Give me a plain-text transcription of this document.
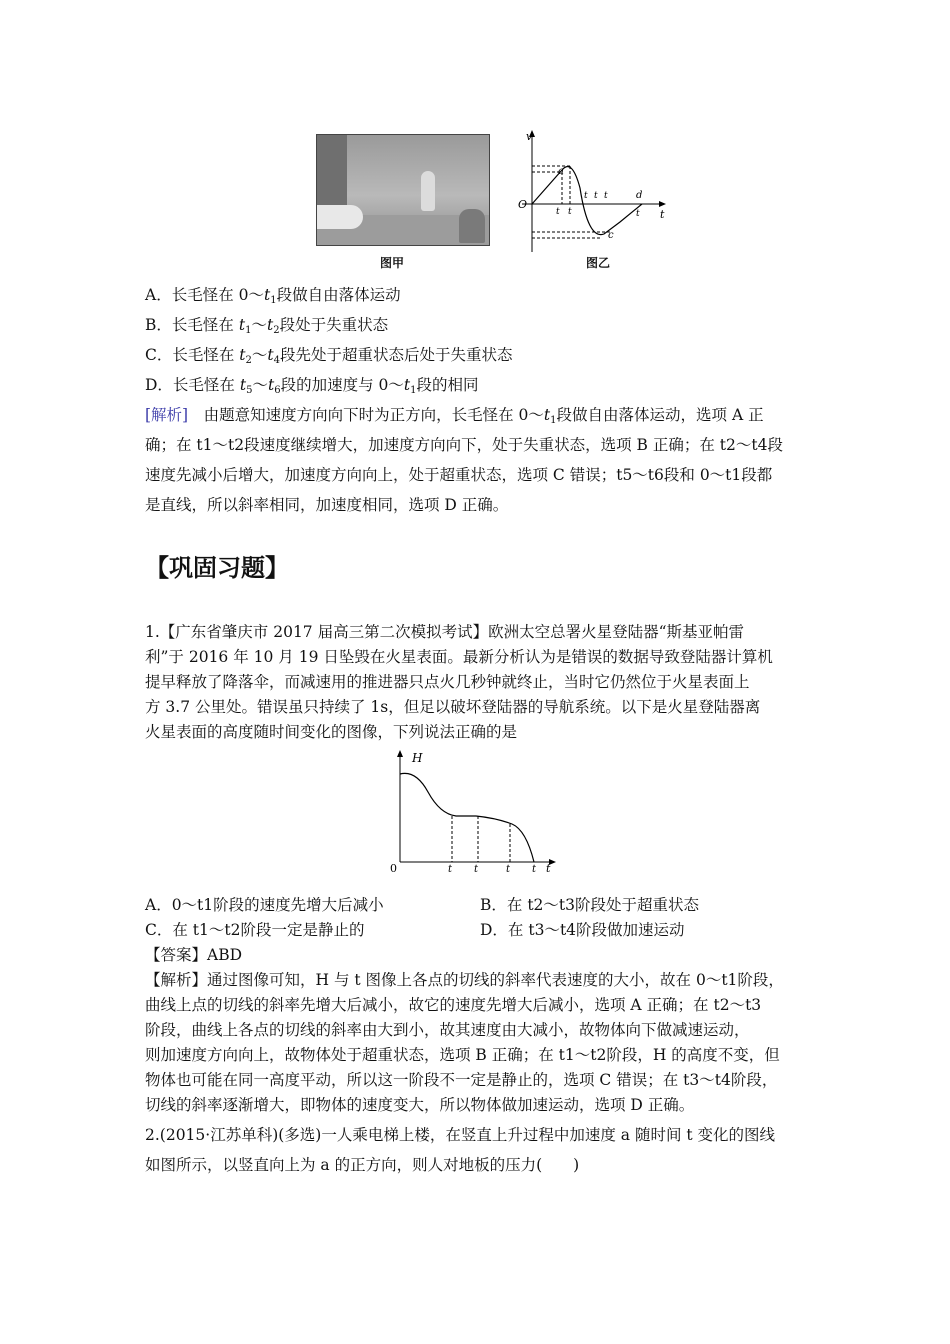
图甲
v
t
O
a
c
d
t t
t t t
t
图乙
A．长毛怪在 $0\sim t_1$段做自由落体运动
B．长毛怪在 $t_1\sim t_2$段处于失重状态
C．长毛怪在 $t_2\sim t_4$段先处于超重状态后处于失重状态
D．长毛怪在 $t_5\sim t_6$段的加速度与 $0\sim t_1$段的相同
[解析]　由题意知速度方向向下时为正方向，长毛怪在 $0\sim t_1$段做自由落体运动，选项 A 正
确；在 t1～t2段速度继续增大，加速度方向向下，处于失重状态，选项 B 正确；在 t2～t4段
速度先减小后增大，加速度方向向上，处于超重状态，选项 C 错误；t5～t6段和 0～t1段都
是直线，所以斜率相同，加速度相同，选项 D 正确。
【巩固习题】
1.【广东省肇庆市 2017 届高三第二次模拟考试】欧洲太空总署火星登陆器“斯基亚帕雷
利”于 2016 年 10 月 19 日坠毁在火星表面。最新分析认为是错误的数据导致登陆器计算机
提早释放了降落伞，而减速用的推进器只点火几秒钟就终止，当时它仍然位于火星表面上
方 3.7 公里处。错误虽只持续了 1s，但足以破坏登陆器的导航系统。以下是火星登陆器离
火星表面的高度随时间变化的图像，下列说法正确的是
H
0	t
t t	t t
A．0～t1阶段的速度先增大后减小	B．在 t2～t3阶段处于超重状态
C．在 t1～t2阶段一定是静止的	D．在 t3～t4阶段做加速运动
【答案】ABD
【解析】通过图像可知，H 与 t 图像上各点的切线的斜率代表速度的大小，故在 0～t1阶段，
曲线上点的切线的斜率先增大后减小，故它的速度先增大后减小，选项 A 正确；在 t2～t3
阶段，曲线上各点的切线的斜率由大到小，故其速度由大减小，故物体向下做减速运动，
则加速度方向向上，故物体处于超重状态，选项 B 正确；在 t1～t2阶段，H 的高度不变，但
物体也可能在同一高度平动，所以这一阶段不一定是静止的，选项 C 错误；在 t3～t4阶段，
切线的斜率逐渐增大，即物体的速度变大，所以物体做加速运动，选项 D 正确。
2.(2015·江苏单科)(多选)一人乘电梯上楼，在竖直上升过程中加速度 a 随时间 t 变化的图线
如图所示，以竖直向上为 a 的正方向，则人对地板的压力(　　)
